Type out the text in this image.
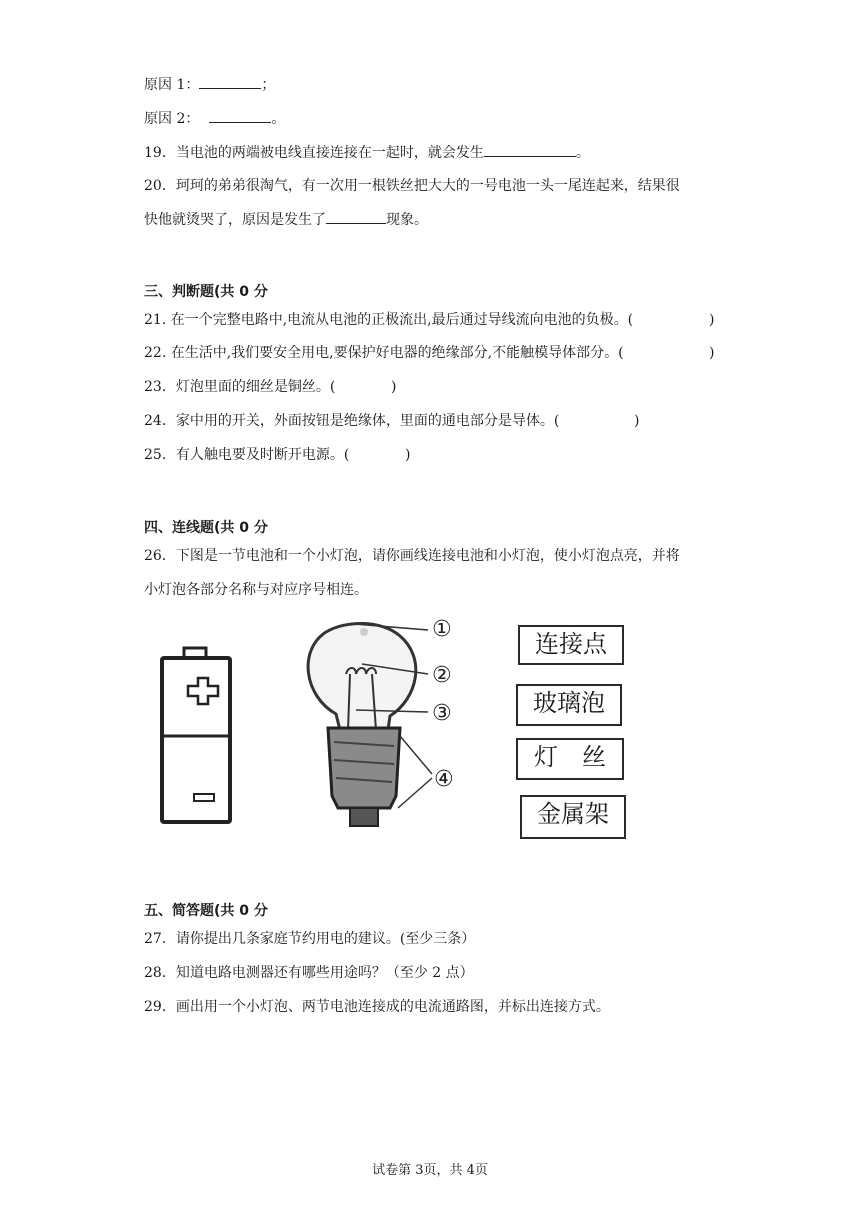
原因 1：	；
原因 2：	。
19．当电池的两端被电线直接连接在一起时，就会发生	。
20．珂珂的弟弟很淘气，有一次用一根铁丝把大大的一号电池一头一尾连起来，结果很
快他就烫哭了，原因是发生了	现象。
三、判断题(共 0 分
21. 在一个完整电路中,电流从电池的正极流出,最后通过导线流向电池的负极。(	)
22. 在生活中,我们要安全用电,要保护好电器的绝缘部分,不能触模导体部分。(	)
23．灯泡里面的细丝是铜丝。(	)
24．家中用的开关，外面按钮是绝缘体，里面的通电部分是导体。(	)
25．有人触电要及时断开电源。(	)
四、连线题(共 0 分
26．下图是一节电池和一个小灯泡，请你画线连接电池和小灯泡，使小灯泡点亮，并将
小灯泡各部分名称与对应序号相连。
①
②
③
④
连接点
玻璃泡
灯　丝
金属架
五、简答题(共 0 分
27．请你提出几条家庭节约用电的建议。(至少三条）
28．知道电路电测器还有哪些用途吗？（至少 2 点）
29．画出用一个小灯泡、两节电池连接成的电流通路图，并标出连接方式。
试卷第 3页，共 4页
